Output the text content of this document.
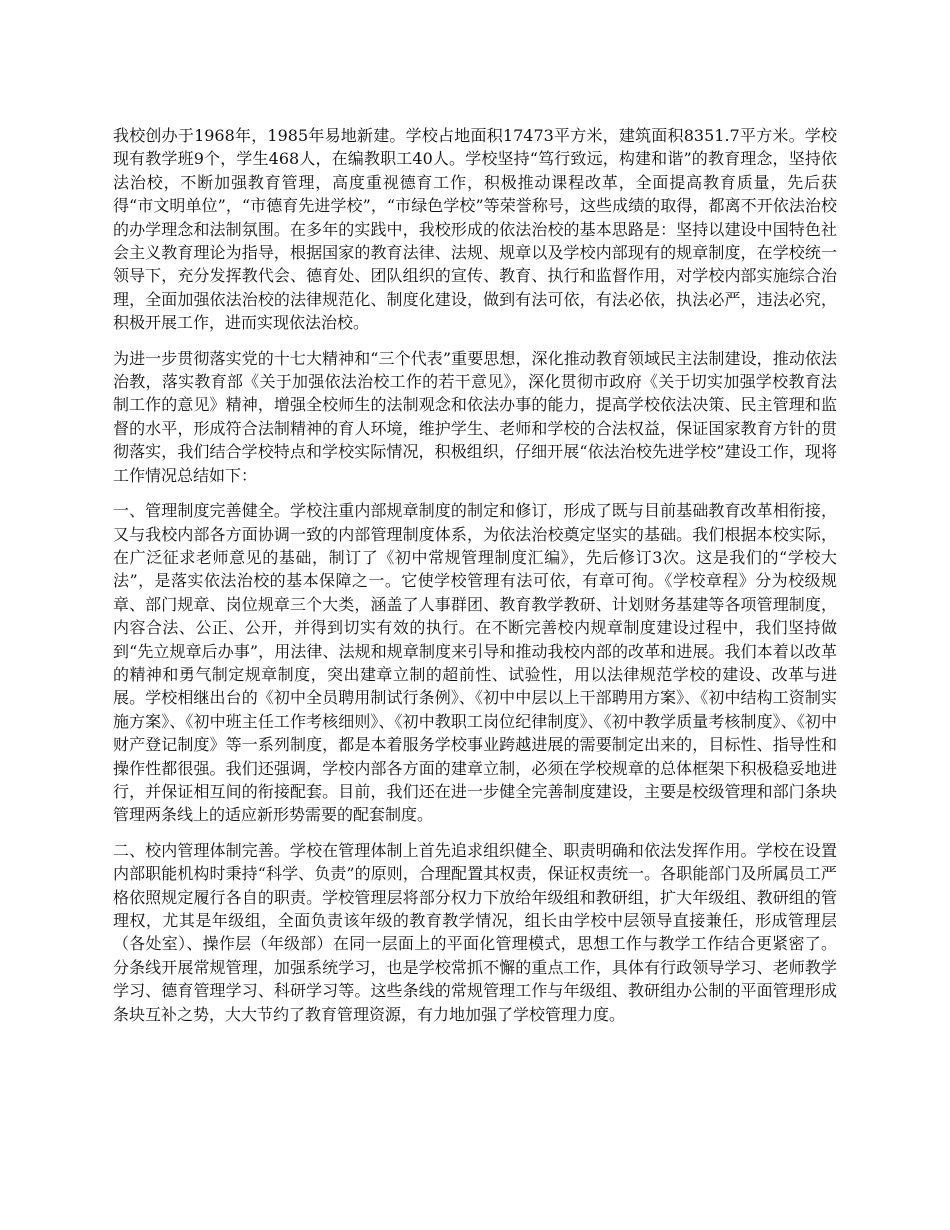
我校创办于1968年，1985年易地新建。学校占地面积17473平方米，建筑面积8351.7平方米。学校现有教学班9个，学生468人，在编教职工40人。学校坚持“笃行致远，构建和谐”的教育理念，坚持依法治校，不断加强教育管理，高度重视德育工作，积极推动课程改革，全面提高教育质量，先后获得“市文明单位”，“市德育先进学校”，“市绿色学校”等荣誉称号，这些成绩的取得，都离不开依法治校的办学理念和法制氛围。在多年的实践中，我校形成的依法治校的基本思路是：坚持以建设中国特色社会主义教育理论为指导，根据国家的教育法律、法规、规章以及学校内部现有的规章制度，在学校统一领导下，充分发挥教代会、德育处、团队组织的宣传、教育、执行和监督作用，对学校内部实施综合治理，全面加强依法治校的法律规范化、制度化建设，做到有法可依，有法必依，执法必严，违法必究，积极开展工作，进而实现依法治校。

为进一步贯彻落实党的十七大精神和“三个代表”重要思想，深化推动教育领域民主法制建设，推动依法治教，落实教育部《关于加强依法治校工作的若干意见》，深化贯彻市政府《关于切实加强学校教育法制工作的意见》精神，增强全校师生的法制观念和依法办事的能力，提高学校依法决策、民主管理和监督的水平，形成符合法制精神的育人环境，维护学生、老师和学校的合法权益，保证国家教育方针的贯彻落实，我们结合学校特点和学校实际情况，积极组织，仔细开展“依法治校先进学校”建设工作，现将工作情况总结如下：

一、管理制度完善健全。学校注重内部规章制度的制定和修订，形成了既与目前基础教育改革相衔接，又与我校内部各方面协调一致的内部管理制度体系，为依法治校奠定坚实的基础。我们根据本校实际，在广泛征求老师意见的基础，制订了《初中常规管理制度汇编》，先后修订3次。这是我们的“学校大法”，是落实依法治校的基本保障之一。它使学校管理有法可依，有章可徇。《学校章程》分为校级规章、部门规章、岗位规章三个大类，涵盖了人事群团、教育教学教研、计划财务基建等各项管理制度，内容合法、公正、公开，并得到切实有效的执行。在不断完善校内规章制度建设过程中，我们坚持做到“先立规章后办事”，用法律、法规和规章制度来引导和推动我校内部的改革和进展。我们本着以改革的精神和勇气制定规章制度，突出建章立制的超前性、试验性，用以法律规范学校的建设、改革与进展。学校相继出台的《初中全员聘用制试行条例》、《初中中层以上干部聘用方案》、《初中结构工资制实施方案》、《初中班主任工作考核细则》、《初中教职工岗位纪律制度》、《初中教学质量考核制度》、《初中财产登记制度》等一系列制度，都是本着服务学校事业跨越进展的需要制定出来的，目标性、指导性和操作性都很强。我们还强调，学校内部各方面的建章立制，必须在学校规章的总体框架下积极稳妥地进行，并保证相互间的衔接配套。目前，我们还在进一步健全完善制度建设，主要是校级管理和部门条块管理两条线上的适应新形势需要的配套制度。

二、校内管理体制完善。学校在管理体制上首先追求组织健全、职责明确和依法发挥作用。学校在设置内部职能机构时秉持“科学、负责”的原则，合理配置其权责，保证权责统一。各职能部门及所属员工严格依照规定履行各自的职责。学校管理层将部分权力下放给年级组和教研组，扩大年级组、教研组的管理权，尤其是年级组，全面负责该年级的教育教学情况，组长由学校中层领导直接兼任，形成管理层（各处室）、操作层（年级部）在同一层面上的平面化管理模式，思想工作与教学工作结合更紧密了。分条线开展常规管理，加强系统学习，也是学校常抓不懈的重点工作，具体有行政领导学习、老师教学学习、德育管理学习、科研学习等。这些条线的常规管理工作与年级组、教研组办公制的平面管理形成条块互补之势，大大节约了教育管理资源，有力地加强了学校管理力度。
